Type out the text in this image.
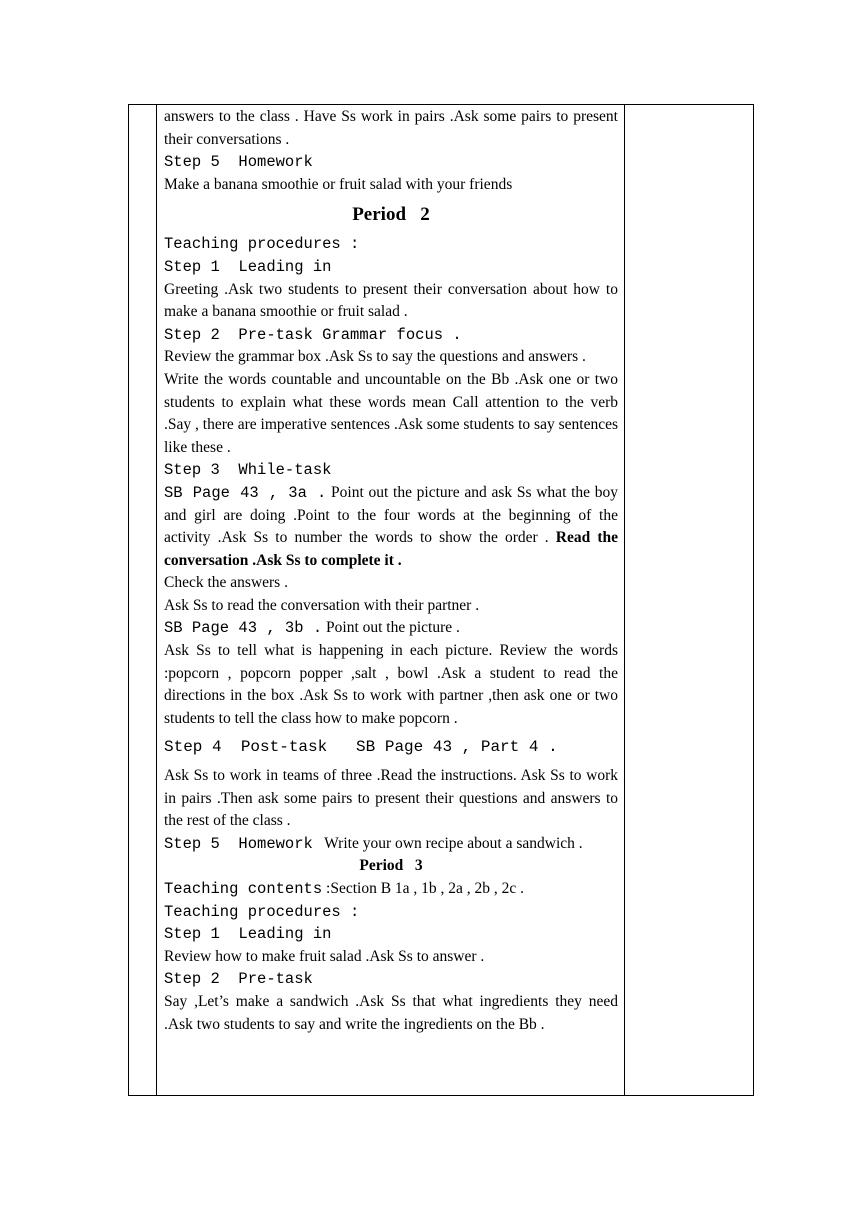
answers to the class . Have Ss work in pairs .Ask some pairs to present their conversations .

Step 5  Homework

Make a banana smoothie or fruit salad with your friends

Period   2

Teaching procedures :

Step 1  Leading in

Greeting .Ask two students to present their conversation about how to make a banana smoothie or fruit salad .

Step 2  Pre-task Grammar focus .

Review the grammar box .Ask Ss to say the questions and answers .

Write the words countable and uncountable on the Bb .Ask one or two students to explain what these words mean Call attention to the verb .Say , there are imperative sentences .Ask some students to say sentences like these .

Step 3  While-task

SB Page 43 , 3a . Point out the picture and ask Ss what the boy and girl are doing .Point to the four words at the beginning of the activity .Ask Ss to number the words to show the order . Read the conversation .Ask Ss to complete it .

Check the answers .

Ask Ss to read the conversation with their partner .

SB Page 43 , 3b . Point out the picture .

Ask Ss to tell what is happening in each picture. Review the words :popcorn , popcorn popper ,salt , bowl .Ask a student to read the directions in the box .Ask Ss to work with partner ,then ask one or two students to tell the class how to make popcorn .

Step 4  Post-task   SB Page 43 , Part 4 .

Ask Ss to work in teams of three .Read the instructions. Ask Ss to work in pairs .Then ask some pairs to present their questions and answers to the rest of the class .

Step 5  Homework   Write your own recipe about a sandwich .

Period   3

Teaching contents :Section B 1a , 1b , 2a , 2b , 2c .

Teaching procedures :

Step 1  Leading in

Review how to make fruit salad .Ask Ss to answer .

Step 2  Pre-task

Say ,Let’s make a sandwich .Ask Ss that what ingredients they need .Ask two students to say and write the ingredients on the Bb .
